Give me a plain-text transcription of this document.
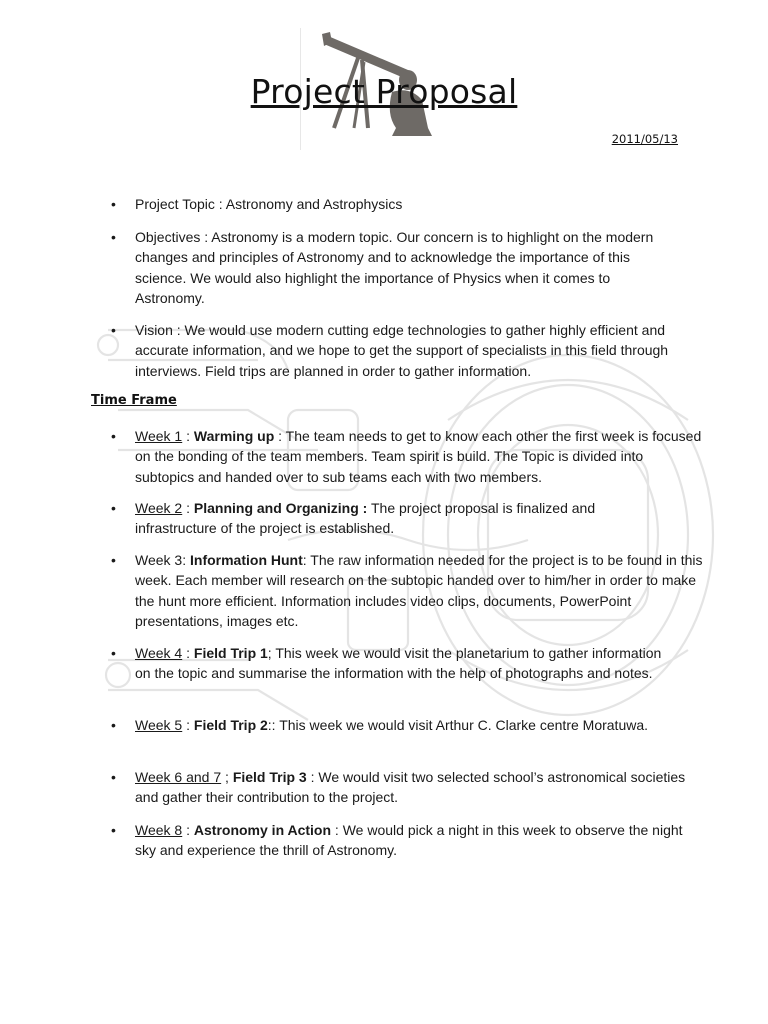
Project Proposal
2011/05/13
• Project Topic : Astronomy and Astrophysics
• Objectives : Astronomy is a modern topic. Our concern is to highlight on the modern changes and principles of Astronomy and to acknowledge the importance of this science. We would also highlight the importance of Physics when it comes to Astronomy.
• Vision : We would use modern cutting edge technologies to gather highly efficient and accurate information, and we hope to get the support of specialists in this field through interviews. Field trips are planned in order to gather information.
Time Frame
• Week 1 : Warming up : The team needs to get to know each other the first week is focused on the bonding of the team members. Team spirit is build. The Topic is divided into subtopics and handed over to sub teams each with two members.
• Week 2 : Planning and Organizing : The project proposal is finalized and infrastructure of the project is established.
• Week 3: Information Hunt: The raw information needed for the project is to be found in this week. Each member will research on the subtopic handed over to him/her in order to make the hunt more efficient. Information includes video clips, documents, PowerPoint presentations, images etc.
• Week 4 : Field Trip 1; This week we would visit the planetarium to gather information on the topic and summarise the information with the help of photographs and notes.
• Week 5 : Field Trip 2:: This week we would visit Arthur C. Clarke centre Moratuwa.
• Week 6 and 7 ; Field Trip 3 : We would visit two selected school’s astronomical societies and gather their contribution to the project.
• Week 8 : Astronomy in Action : We would pick a night in this week to observe the night sky and experience the thrill of Astronomy.
